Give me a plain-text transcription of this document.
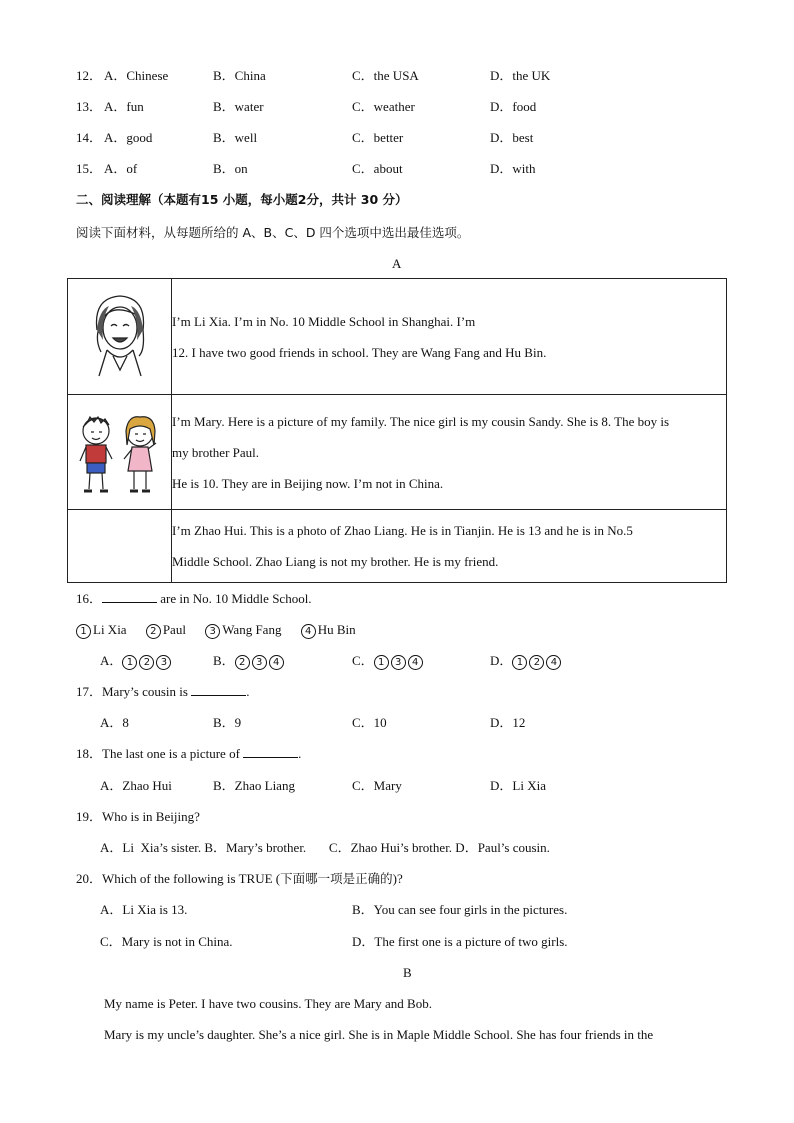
12． A．Chinese	B．China	C．the USA	D．the UK
13． A．fun	B．water	C．weather	D．food
14． A．good	B．well	C．better	D．best
15． A．of	B．on	C．about	D．with
二、阅读理解（本题有15 小题，每小题2分，共计 30 分）
阅读下面材料，从每题所给的 A、B、C、D 四个选项中选出最佳选项。
A

I’m Li Xia. I’m in No. 10 Middle School in Shanghai. I’m
12. I have two good friends in school. They are Wang Fang and Hu Bin.

I’m Mary. Here is a picture of my family. The nice girl is my cousin Sandy. She is 8. The boy is
my brother Paul.
He is 10. They are in Beijing now. I’m not in China.

	I’m Zhao Hui. This is a photo of Zhao Liang. He is in Tianjin. He is 13 and he is in No.5
Middle School. Zhao Liang is not my brother. He is my friend.
16．	are in No. 10 Middle School.
1 Li Xia 2 Paul 3 Wang Fang 4 Hu Bin
A． 1 2 3	B． 2 3 4	C． 1 3 4	D． 1 2 4
17．Mary’s cousin is	.
A．8	B．9	C．10	D．12
18．The last one is a picture of	.
A．Zhao Hui	B．Zhao Liang	C．Mary	D．Li Xia
19．Who is in Beijing?
A．Li  Xia’s sister. B．Mary’s brother.       C．Zhao Hui’s brother. D．Paul’s cousin.
20．Which of the following is TRUE (下面哪一项是正确的)?
A．Li Xia is 13.	B．You can see four girls in the pictures.
C．Mary is not in China.	D．The first one is a picture of two girls.
B
My name is Peter. I have two cousins. They are Mary and Bob.
Mary is my uncle’s daughter. She’s a nice girl. She is in Maple Middle School. She has four friends in the
